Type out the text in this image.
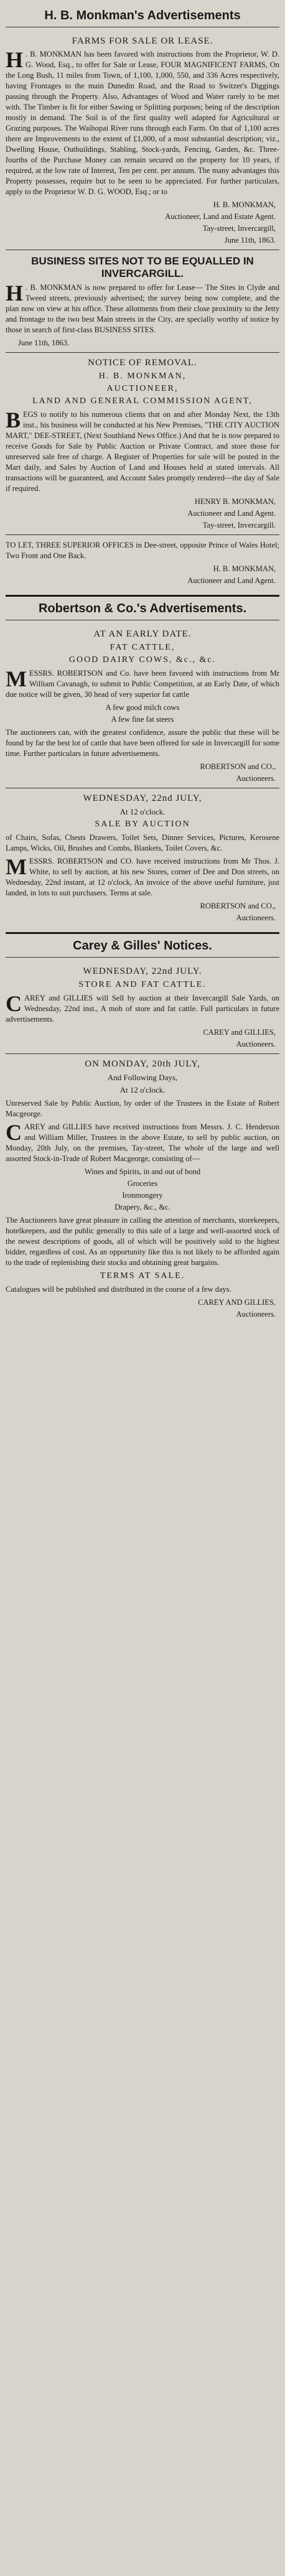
H. B. Monkman's Advertisements
FARMS FOR SALE OR LEASE.

H . B. MONKMAN has been favored with instructions from the Proprietor, W. D. G. Wood, Esq., to offer for Sale or Lease, FOUR MAGNIFICENT FARMS, On the Long Bush, 11 miles from Town, of 1,100, 1,000, 550, and 336 Acres respectively, having Frontages to the main Dunedin Road, and the Road to Switzer's Diggings passing through the Property. Also, Advantages of Wood and Water rarely to be met with. The Timber is fit for either Sawing or Splitting purposes; being of the description mostly in demand. The Soil is of the first quality well adapted for Agricultural or Grazing purposes. The Waihopai River runs through each Farm. On that of 1,100 acres there are Improvements to the extent of £1,000, of a most substantial description; viz., Dwelling House, Outbuildings, Stabling, Stock-yards, Fencing, Garden, &c. Three-fourths of the Purchase Money can remain secured on the property for 10 years, if required, at the low rate of Interest, Ten per cent. per annum. The many advantages this Property possesses, require but to be seen to be appreciated. For further particulars, apply to the Proprietor W. D. G. WOOD, Esq.; or to

H. B. MONKMAN,
Auctioneer, Land and Estate Agent.
Tay-street, Invercargill,
June 11th, 1863.
BUSINESS SITES NOT TO BE EQUALLED IN INVERCARGILL.

H . B. MONKMAN is now prepared to offer for Lease— The Sites in Clyde and Tweed streets, previously advertised; the survey being now complete, and the plan now on view at his office. These allotments from their close proximity to the Jetty and frontage to the two best Main streets in the City, are specially worthy of notice by those in search of first-class BUSINESS SITES.

June 11th, 1863.
NOTICE OF REMOVAL.
H. B. MONKMAN,
AUCTIONEER,
LAND AND GENERAL COMMISSION AGENT,

B EGS to notify to his numerous clients that on and after Monday Next, the 13th inst., his business will be conducted at his New Premises, "THE CITY AUCTION MART," DEE-STREET, (Next Southland News Office.) And that he is now prepared to receive Goods for Sale by Public Auction or Private Contract, and store those for unreserved sale free of charge. A Register of Properties for sale will be posted in the Mart daily, and Sales by Auction of Land and Houses held at stated intervals. All transactions will be guaranteed, and Account Sales promptly rendered—the day of Sale if required.

HENRY B. MONKMAN,
Auctioneer and Land Agent.
Tay-street, Invercargill.

TO LET, THREE SUPERIOR OFFICES in Dee-street, opposite Prince of Wales Hotel; Two Front and One Back.

H. B. MONKMAN,
Auctioneer and Land Agent.
Robertson & Co.'s Advertisements.
AT AN EARLY DATE.
FAT CATTLE,
GOOD DAIRY COWS, &c., &c.

M ESSRS. ROBERTSON and Co. have been favored with instructions from Mr William Cavanagh, to submit to Public Competition, at an Early Date, of which due notice will be given, 30 head of very superior fat cattle

A few good milch cows
A few fine fat steers

The auctioneers can, with the greatest confidence, assure the public that these will be found by far the best lot of cattle that have been offered for sale in Invercargill for some time. Further particulars in future advertisements.

ROBERTSON and CO.,
Auctioneers.
WEDNESDAY, 22nd JULY,
At 12 o'clock.
SALE BY AUCTION

of Chairs, Sofas, Chests Drawers, Toilet Sets, Dinner Services, Pictures, Kerosene Lamps, Wicks, Oil, Brushes and Combs, Blankets, Toilet Covers, &c.

M ESSRS. ROBERTSON and CO. have received instructions from Mr Thos. J. White, to sell by auction, at his new Stores, corner of Dee and Don streets, on Wednesday, 22nd instant, at 12 o'clock, An invoice of the above useful furniture, just landed, in lots to suit purchasers. Terms at sale.

ROBERTSON and CO.,
Auctioneers.
Carey & Gilles' Notices.
WEDNESDAY, 22nd JULY.
STORE AND FAT CATTLE.

C AREY and GILLIES will Sell by auction at their Invercargill Sale Yards, on Wednesday, 22nd inst., A mob of store and fat cattle. Full particulars in future advertisements.

CAREY and GILLIES,
Auctioneers.
ON MONDAY, 20th JULY,
And Following Days,
At 12 o'clock.

Unreserved Sale by Public Auction, by order of the Trustees in the Estate of Robert Macgeorge.

C AREY and GILLIES have received instructions from Messrs. J. C. Henderson and William Miller, Trustees in the above Estate, to sell by public auction, on Monday, 20th July, on the premises, Tay-street, The whole of the large and well assorted Stock-in-Trade of Robert Macgeorge, consisting of—

Wines and Spirits, in and out of bond
Groceries
Ironmongery
Drapery, &c., &c.

The Auctioneers have great pleasure in calling the attention of merchants, storekeepers, hotelkeepers, and the public generally to this sale of a large and well-assorted stock of the newest descriptions of goods, all of which will be positively sold to the highest bidder, regardless of cost. As an opportunity like this is not likely to be afforded again to the trade of replenishing their stocks and obtaining great bargains.

TERMS AT SALE.

Catalogues will be published and distributed in the course of a few days.

CAREY AND GILLIES,
Auctioneers.
